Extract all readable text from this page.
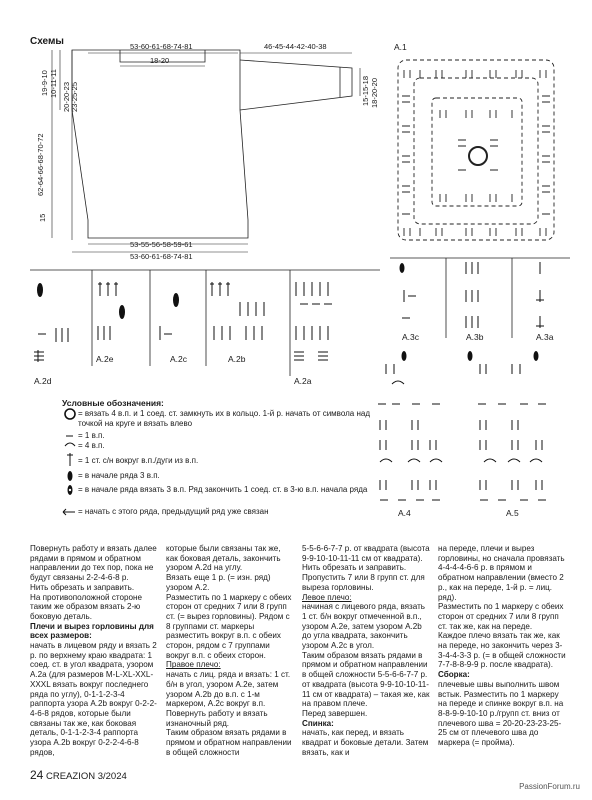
Схемы	53-60-61-68-74-81
18-20
46-45-44-42-40-38
19-9-10 10-11-11 20-20-23 23-25-25
62-64-66-68-70-72
15
15-15-18 18-20-20
53-55-56-58-59-61
53-60-61-68-74-81
A.1
A.2d
A.2e	A.2c	A.2b
A.2a
A.3c	A.3b	A.3a
A.4	A.5
Условные обозначения:
= вязать 4 в.п. и 1 соед. ст. замкнуть их в кольцо. 1-й р. начать от символа над точкой на круге и вязать влево
= 1 в.п.
= 4 в.п.
= 1 ст. с/н вокруг в.п./дуги из в.п.
= в начале ряда 3 в.п.
= в начале ряда вязать 3 в.п. Ряд закончить 1 соед. ст. в 3-ю в.п. начала ряда
= начать с этого ряда, предыдущий ряд уже связан

Повернуть работу и вязать далее рядами в прямом и обратном направлении до тех пор, пока не будут связаны 2-2-4-6-8 р.

Нить обрезать и заправить.

На противоположной стороне таким же образом вязать 2-ю боковую деталь.

Плечи и вырез горловины для всех размеров:

начать в лицевом ряду и вязать 2 р. по верхнему краю квадрата: 1 соед. ст. в угол квадрата, узором A.2a (для размеров M-L-XL-XXL-XXXL вязать вокруг последнего ряда по углу), 0-1-1-2-3-4 раппорта узора A.2b вокруг 0-2-2-4-6-8 рядов, которые были связаны так же, как боковая деталь, 0-1-1-2-3-4 раппорта узора A.2b вокруг 0-2-2-4-6-8 рядов,

которые были связаны так же, как боковая деталь, закончить узором A.2d на углу.

Вязать еще 1 р. (= изн. ряд) узором A.2.

Разместить по 1 маркеру с обеих сторон от средних 7 или 8 групп ст. (= вырез горловины). Рядом с 8 группами ст. маркеры разместить вокруг в.п. с обеих сторон, рядом с 7 группами вокруг в.п. с обеих сторон.

Правое плечо:

начать с лиц. ряда и вязать: 1 ст. б/н в угол, узором A.2e, затем узором A.2b до в.п. с 1-м маркером, A.2c вокруг в.п. Повернуть работу и вязать изнаночный ряд.

Таким образом вязать рядами в прямом и обратном направлении в общей сложности

5-5-6-6-7-7 р. от квадрата (высота 9-9-10-10-11-11 см от квадрата).

Нить обрезать и заправить.

Пропустить 7 или 8 групп ст. для выреза горловины.

Левое плечо:

начиная с лицевого ряда, вязать 1 ст. б/н вокруг отмеченной в.п., узором A.2e, затем узором A.2b до угла квадрата, закончить узором A.2c в угол.

Таким образом вязать рядами в прямом и обратном направлении в общей сложности 5-5-6-6-7-7 р. от квадрата (высота 9-9-10-10-11-11 см от квадрата) – такая же, как на правом плече.

Перед завершен.

Спинка:

начать, как перед, и вязать квадрат и боковые детали. Затем вязать, как и

на переде, плечи и вырез горловины, но сначала провязать 4-4-4-4-6-6 р. в прямом и обратном направлении (вместо 2 р., как на переде, 1-й р. = лиц. ряд).

Разместить по 1 маркеру с обеих сторон от средних 7 или 8 групп ст. так же, как на переде.

Каждое плечо вязать так же, как на переде, но закончить через 3-3-4-4-3-3 р. (= в общей сложности 7-7-8-8-9-9 р. после квадрата).

Сборка:

плечевые швы выполнить швом встык. Разместить по 1 маркеру на переде и спинке вокруг в.п. на 8-8-9-9-10-10 р./групп ст. вниз от плечевого шва = 20-20-23-23-25-25 см от плечевого шва до маркера (= пройма).

24 CREAZION 3/2024
PassionForum.ru
